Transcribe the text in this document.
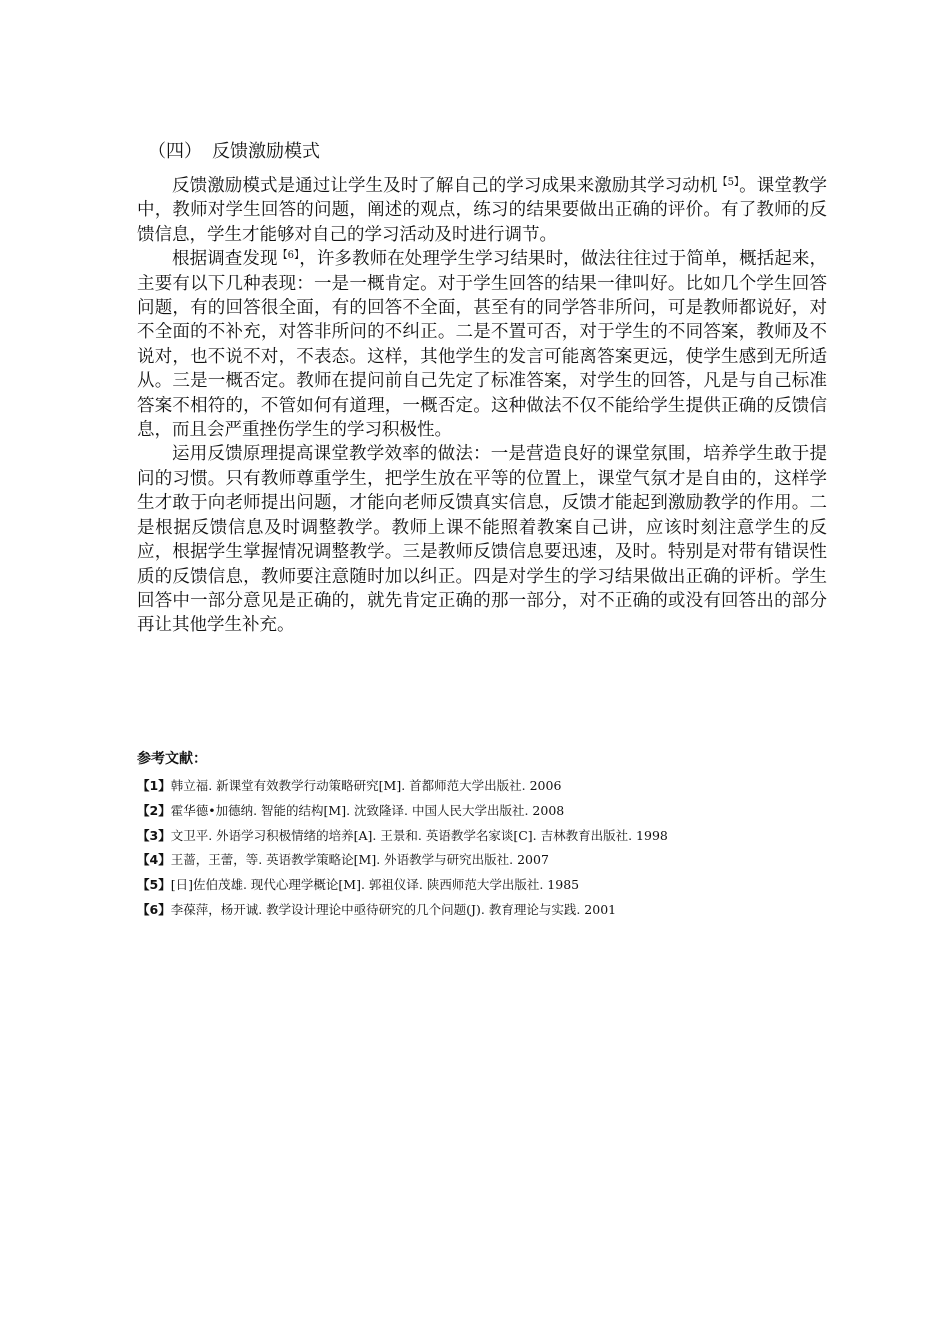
（四） 反馈激励模式

反馈激励模式是通过让学生及时了解自己的学习成果来激励其学习动机$^{【5】}$。课堂教学中，教师对学生回答的问题，阐述的观点，练习的结果要做出正确的评价。有了教师的反馈信息，学生才能够对自己的学习活动及时进行调节。

根据调查发现$^{【6】}$，许多教师在处理学生学习结果时，做法往往过于简单，概括起来，主要有以下几种表现：一是一概肯定。对于学生回答的结果一律叫好。比如几个学生回答问题，有的回答很全面，有的回答不全面，甚至有的同学答非所问，可是教师都说好，对不全面的不补充，对答非所问的不纠正。二是不置可否，对于学生的不同答案，教师及不说对，也不说不对，不表态。这样，其他学生的发言可能离答案更远，使学生感到无所适从。三是一概否定。教师在提问前自己先定了标准答案，对学生的回答，凡是与自己标准答案不相符的，不管如何有道理，一概否定。这种做法不仅不能给学生提供正确的反馈信息，而且会严重挫伤学生的学习积极性。

运用反馈原理提高课堂教学效率的做法：一是营造良好的课堂氛围，培养学生敢于提问的习惯。只有教师尊重学生，把学生放在平等的位置上，课堂气氛才是自由的，这样学生才敢于向老师提出问题，才能向老师反馈真实信息，反馈才能起到激励教学的作用。二是根据反馈信息及时调整教学。教师上课不能照着教案自己讲，应该时刻注意学生的反应，根据学生掌握情况调整教学。三是教师反馈信息要迅速，及时。特别是对带有错误性质的反馈信息，教师要注意随时加以纠正。四是对学生的学习结果做出正确的评析。学生回答中一部分意见是正确的，就先肯定正确的那一部分，对不正确的或没有回答出的部分再让其他学生补充。

参考文献：
【1】韩立福. 新课堂有效教学行动策略研究[M]. 首都师范大学出版社. 2006
【2】霍华德•加德纳. 智能的结构[M]. 沈致隆译. 中国人民大学出版社. 2008
【3】文卫平. 外语学习积极情绪的培养[A]. 王景和. 英语教学名家谈[C]. 吉林教育出版社. 1998
【4】王蔷，王蕾，等. 英语教学策略论[M]. 外语教学与研究出版社. 2007
【5】[日]佐伯茂雄. 现代心理学概论[M]. 郭祖仪译. 陕西师范大学出版社. 1985
【6】李葆萍，杨开诚. 教学设计理论中亟待研究的几个问题(J). 教育理论与实践. 2001
